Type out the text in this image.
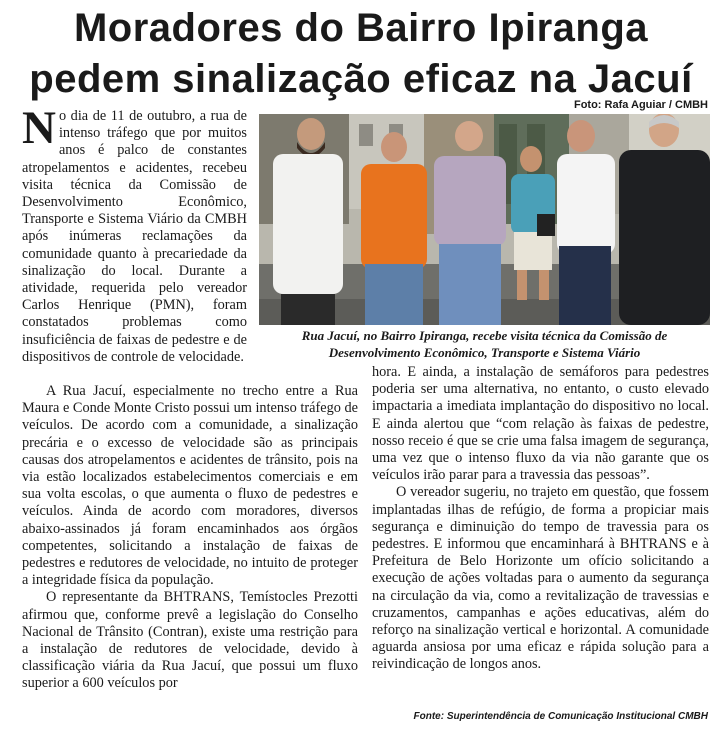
Moradores do Bairro Ipiranga
pedem sinalização eficaz na Jacuí
Foto: Rafa Aguiar / CMBH

No dia de 11 de outubro, a rua de intenso tráfego que por muitos anos é palco de constantes atropelamentos e acidentes, recebeu visita técnica da Comissão de Desenvolvimento Econômico, Transporte e Sistema Viário da CMBH após inúmeras reclamações da comunidade quanto à precariedade da sinalização do local. Durante a atividade, requerida pelo vereador Carlos Henrique (PMN), foram constatados problemas como insuficiência de faixas de pedestre e de dispositivos de controle de velocidade.

Rua Jacuí, no Bairro Ipiranga, recebe visita técnica da Comissão de
Desenvolvimento Econômico, Transporte e Sistema Viário

A Rua Jacuí, especialmente no trecho entre a Rua Maura e Conde Monte Cristo possui um intenso tráfego de veículos. De acordo com a comunidade, a sinalização precária e o excesso de velocidade são as principais causas dos atropelamentos e acidentes de trânsito, pois na via estão localizados estabelecimentos comerciais e em sua volta escolas, o que aumenta o fluxo de pedestres e veículos. Ainda de acordo com moradores, diversos abaixo-assinados já foram encaminhados aos órgãos competentes, solicitando a instalação de faixas de pedestres e redutores de velocidade, no intuito de proteger a integridade física da população.

O representante da BHTRANS, Temístocles Prezotti afirmou que, conforme prevê a legislação do Conselho Nacional de Trânsito (Contran), existe uma restrição para a instalação de redutores de velocidade, devido à classificação viária da Rua Jacuí, que possui um fluxo superior a 600 veículos por

hora. E ainda, a instalação de semáforos para pedestres poderia ser uma alternativa, no entanto, o custo elevado impactaria a imediata implantação do dispositivo no local. E ainda alertou que “com relação às faixas de pedestre, nosso receio é que se crie uma falsa imagem de segurança, uma vez que o intenso fluxo da via não garante que os veículos irão parar para a travessia das pessoas”.

O vereador sugeriu, no trajeto em questão, que fossem implantadas ilhas de refúgio, de forma a propiciar mais segurança e diminuição do tempo de travessia para os pedestres. E informou que encaminhará à BHTRANS e à Prefeitura de Belo Horizonte um ofício solicitando a execução de ações voltadas para o aumento da segurança na circulação da via, como a revitalização de travessias e cruzamentos, campanhas e ações educativas, além do reforço na sinalização vertical e horizontal. A comunidade aguarda ansiosa por uma eficaz e rápida solução para a reivindicação de longos anos.

Fonte: Superintendência de Comunicação Institucional CMBH
